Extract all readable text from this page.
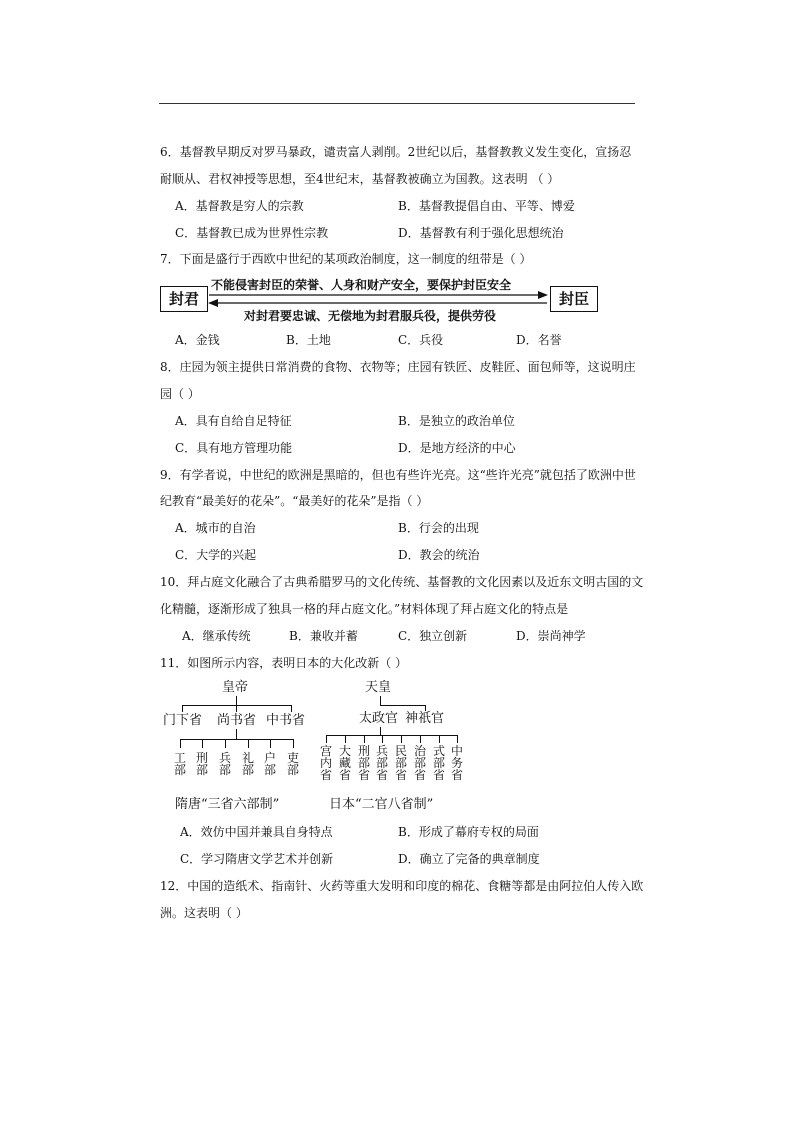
6．基督教早期反对罗马暴政，谴责富人剥削。2世纪以后，基督教教义发生变化，宣扬忍
耐顺从、君权神授等思想，至4世纪末，基督教被确立为国教。这表明 （ ）
A．基督教是穷人的宗教	B．基督教提倡自由、平等、博爱
C．基督教已成为世界性宗教	D．基督教有利于强化思想统治
7．下面是盛行于西欧中世纪的某项政治制度，这一制度的纽带是（ ）
封君	封臣
不能侵害封臣的荣誉、人身和财产安全，要保护封臣安全
对封君要忠诚、无偿地为封君服兵役，提供劳役
A．金钱	B．土地	C．兵役	D．名誉
8．庄园为领主提供日常消费的食物、衣物等；庄园有铁匠、皮鞋匠、面包师等，这说明庄
园（ ）
A．具有自给自足特征	B．是独立的政治单位
C．具有地方管理功能	D．是地方经济的中心
9．有学者说，中世纪的欧洲是黑暗的，但也有些许光亮。这“些许光亮”就包括了欧洲中世
纪教育“最美好的花朵”。“最美好的花朵”是指（ ）
A．城市的自治	B．行会的出现
C．大学的兴起	D．教会的统治
10．拜占庭文化融合了古典希腊罗马的文化传统、基督教的文化因素以及近东文明古国的文
化精髓，逐渐形成了独具一格的拜占庭文化。”材料体现了拜占庭文化的特点是
A．继承传统	B．兼收并蓄	C．独立创新	D．崇尚神学
11．如图所示内容，表明日本的大化改新（ ）
皇帝
门下省 尚书省 中书省
工部
刑部
兵部
礼部
户部
吏部
隋唐“三省六部制”
天皇
太政官 神祇官
宫内省
大藏省
刑部省
兵部省
民部省
治部省
式部省
中务省
日本“二官八省制”
A．效仿中国并兼具自身特点	B．形成了幕府专权的局面
C．学习隋唐文学艺术并创新	D．确立了完备的典章制度
12．中国的造纸术、指南针、火药等重大发明和印度的棉花、食糖等都是由阿拉伯人传入欧
洲。这表明（ ）
